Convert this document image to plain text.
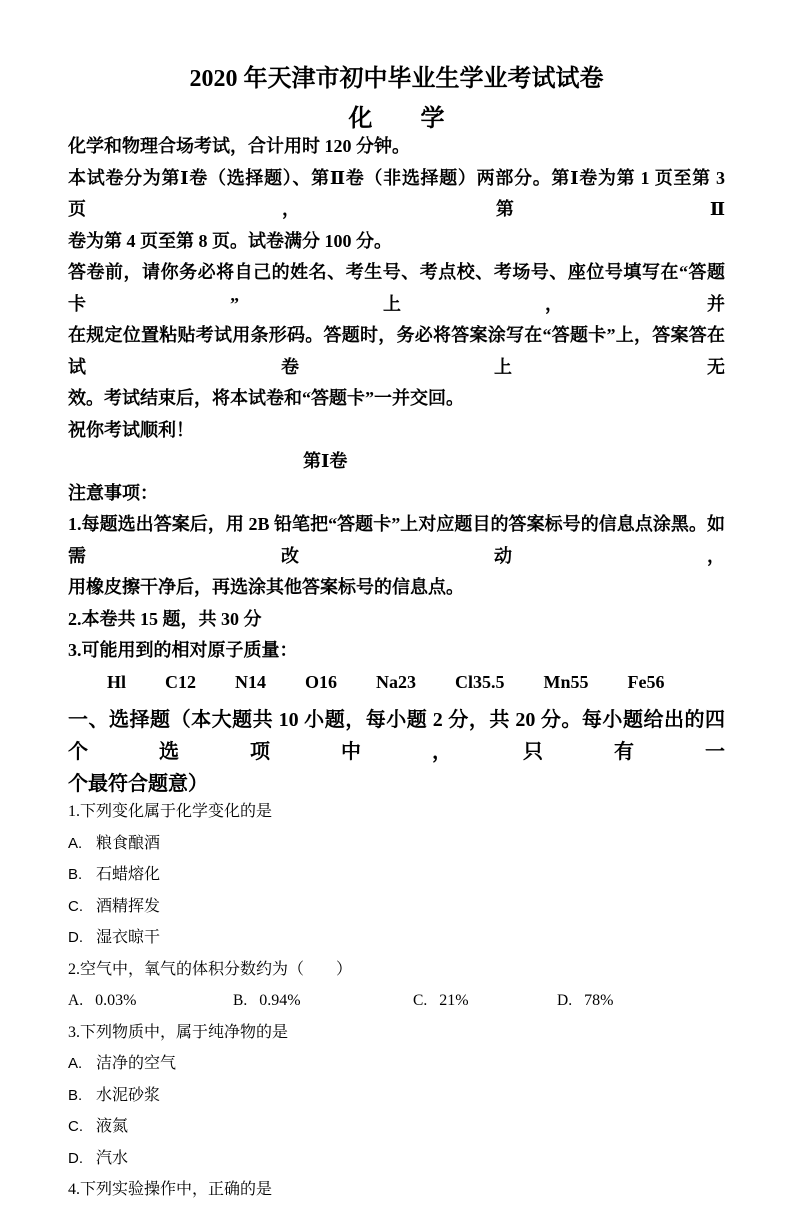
2020 年天津市初中毕业生学业考试试卷
化　　学
化学和物理合场考试，合计用时 120 分钟。
本试卷分为第Ⅰ卷（选择题）、第Ⅱ卷（非选择题）两部分。第Ⅰ卷为第 1 页至第 3 页，第Ⅱ
卷为第 4 页至第 8 页。试卷满分 100 分。
答卷前，请你务必将自己的姓名、考生号、考点校、考场号、座位号填写在“答题卡”上，并
在规定位置粘贴考试用条形码。答题时，务必将答案涂写在“答题卡”上，答案答在试卷上无
效。考试结束后，将本试卷和“答题卡”一并交回。
祝你考试顺利！
第Ⅰ卷
注意事项：
1.每题选出答案后，用 2B 铅笔把“答题卡”上对应题目的答案标号的信息点涂黑。如需改动，
用橡皮擦干净后，再选涂其他答案标号的信息点。
2.本卷共 15 题，共 30 分
3.可能用到的相对原子质量：Hl C12 N14 O16 Na23 Cl35.5 Mn55 Fe56
一、选择题（本大题共 10 小题，每小题 2 分，共 20 分。每小题给出的四个选项中，只有一
个最符合题意）
1.下列变化属于化学变化的是
A. 粮食酿酒
B. 石蜡熔化
C. 酒精挥发
D. 湿衣晾干
2.空气中，氧气的体积分数约为（　　）

A. 0.03%

	B. 0.94%

	C. 21%

	D. 78%

3.下列物质中，属于纯净物的是
A. 洁净的空气
B. 水泥砂浆
C. 液氮
D. 汽水
4.下列实验操作中，正确的是
